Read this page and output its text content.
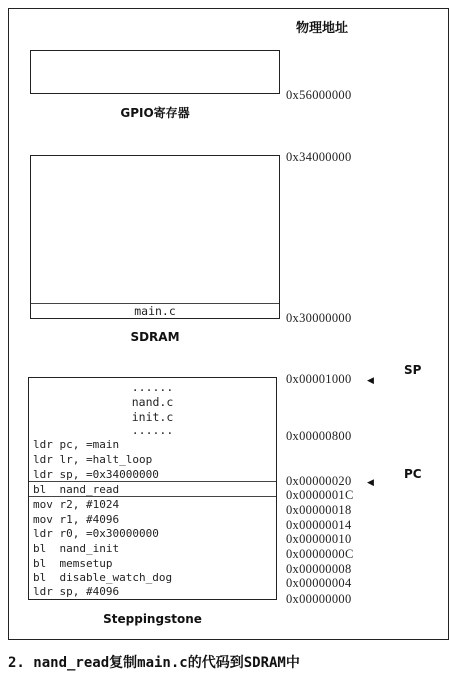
物理地址
GPIO寄存器
0x56000000
main.c
0x34000000
0x30000000
SDRAM
......
nand.c
init.c
......
ldr pc, =main
ldr lr, =halt_loop
ldr sp, =0x34000000
bl  nand_read
mov r2, #1024
mov r1, #4096
ldr r0, =0x30000000
bl  nand_init
bl  memsetup
bl  disable_watch_dog
ldr sp, #4096
Steppingstone
0x00001000
0x00000800
0x00000020
0x0000001C
0x00000018
0x00000014
0x00000010
0x0000000C
0x00000008
0x00000004
0x00000000
◀
SP
◀
PC
2. nand_read复制main.c的代码到SDRAM中
